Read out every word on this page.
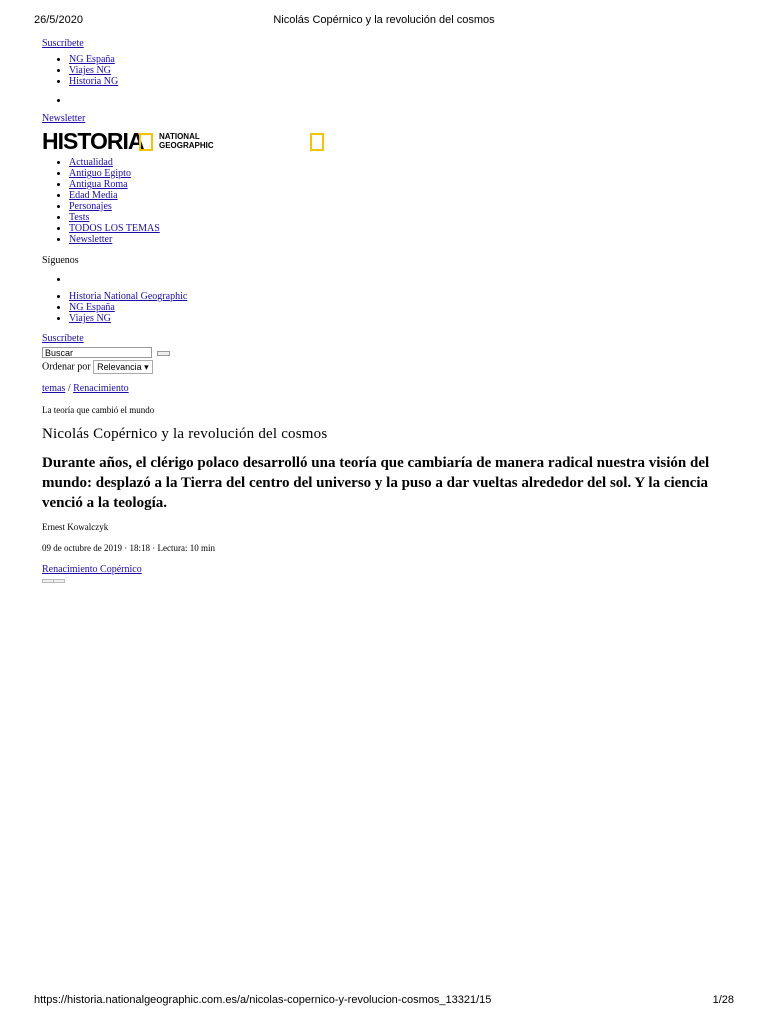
26/5/2020	Nicolás Copérnico y la revolución del cosmos
Suscríbete
• NG España
• Viajes NG
• Historia NG
•
Newsletter
HISTORIA NATIONAL
GEOGRAPHIC
• Actualidad
• Antiguo Egipto
• Antigua Roma
• Edad Media
• Personajes
• Tests
• TODOS LOS TEMAS
• Newsletter
Síguenos
•
• Historia National Geographic
• NG España
• Viajes NG
Suscríbete
Buscar
Ordenar por Relevancia ▾
temas / Renacimiento
La teoría que cambió el mundo
Nicolás Copérnico y la revolución del cosmos
Durante años, el clérigo polaco desarrolló una teoría que cambiaría de manera radical nuestra visión del mundo: desplazó a la Tierra del centro del universo y la puso a dar vueltas alrededor del sol. Y la ciencia venció a la teología.
Ernest Kowalczyk
09 de octubre de 2019 · 18:18 · Lectura: 10 min
Renacimiento Copérnico
https://historia.nationalgeographic.com.es/a/nicolas-copernico-y-revolucion-cosmos_13321/15	1/28
